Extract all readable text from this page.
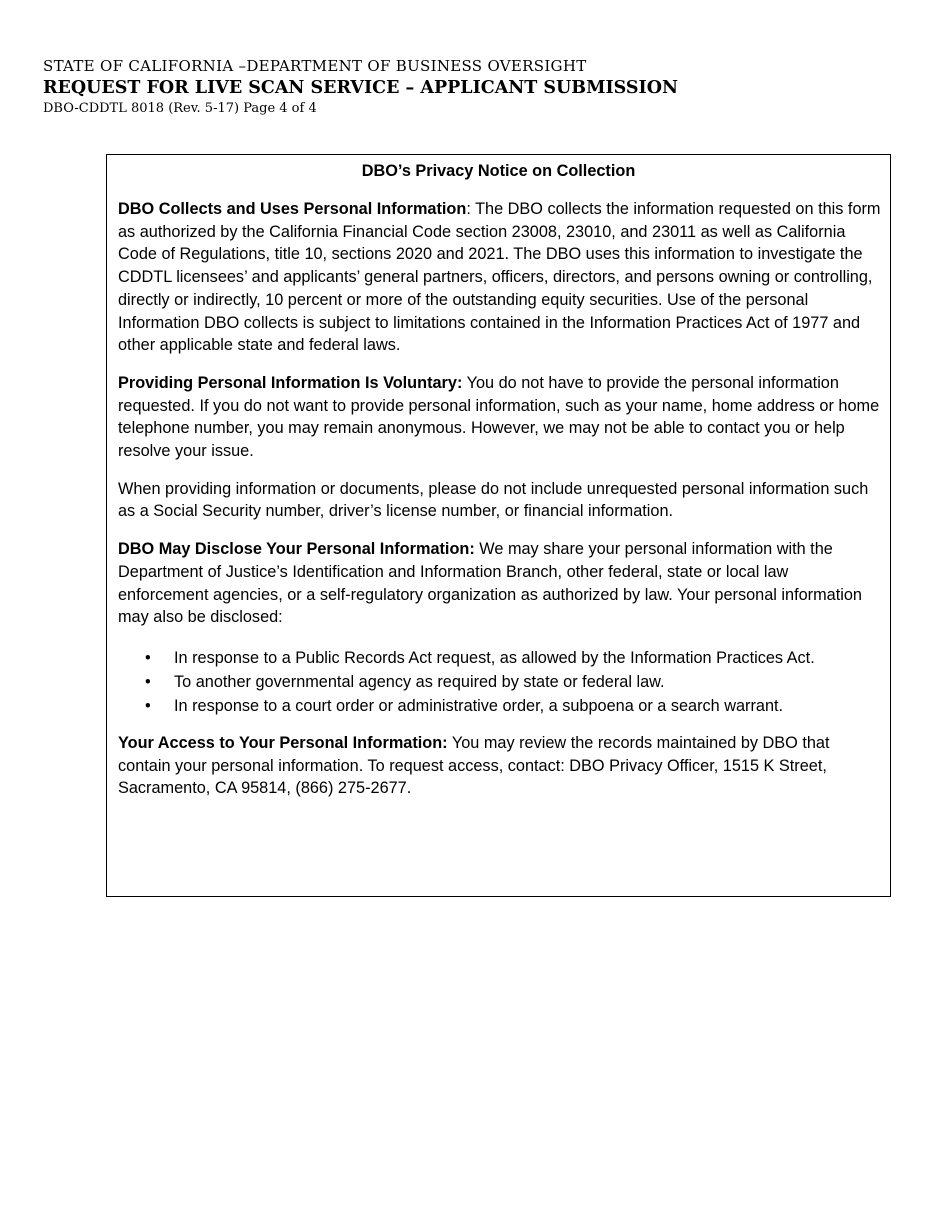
STATE OF CALIFORNIA –DEPARTMENT OF BUSINESS OVERSIGHT
REQUEST FOR LIVE SCAN SERVICE – APPLICANT SUBMISSION
DBO-CDDTL 8018 (Rev. 5-17) Page 4 of 4
DBO’s Privacy Notice on Collection

DBO Collects and Uses Personal Information: The DBO collects the information requested on this form as authorized by the California Financial Code section 23008, 23010, and 23011 as well as California Code of Regulations, title 10, sections 2020 and 2021. The DBO uses this information to investigate the CDDTL licensees’ and applicants’ general partners, officers, directors, and persons owning or controlling, directly or indirectly, 10 percent or more of the outstanding equity securities. Use of the personal Information DBO collects is subject to limitations contained in the Information Practices Act of 1977 and other applicable state and federal laws.

Providing Personal Information Is Voluntary: You do not have to provide the personal information requested. If you do not want to provide personal information, such as your name, home address or home telephone number, you may remain anonymous. However, we may not be able to contact you or help resolve your issue.

When providing information or documents, please do not include unrequested personal information such as a Social Security number, driver’s license number, or financial information.

DBO May Disclose Your Personal Information: We may share your personal information with the Department of Justice’s Identification and Information Branch, other federal, state or local law enforcement agencies, or a self-regulatory organization as authorized by law. Your personal information may also be disclosed:

• In response to a Public Records Act request, as allowed by the Information Practices Act.
• To another governmental agency as required by state or federal law.
• In response to a court order or administrative order, a subpoena or a search warrant.

Your Access to Your Personal Information: You may review the records maintained by DBO that contain your personal information. To request access, contact: DBO Privacy Officer, 1515 K Street, Sacramento, CA 95814, (866) 275-2677.
